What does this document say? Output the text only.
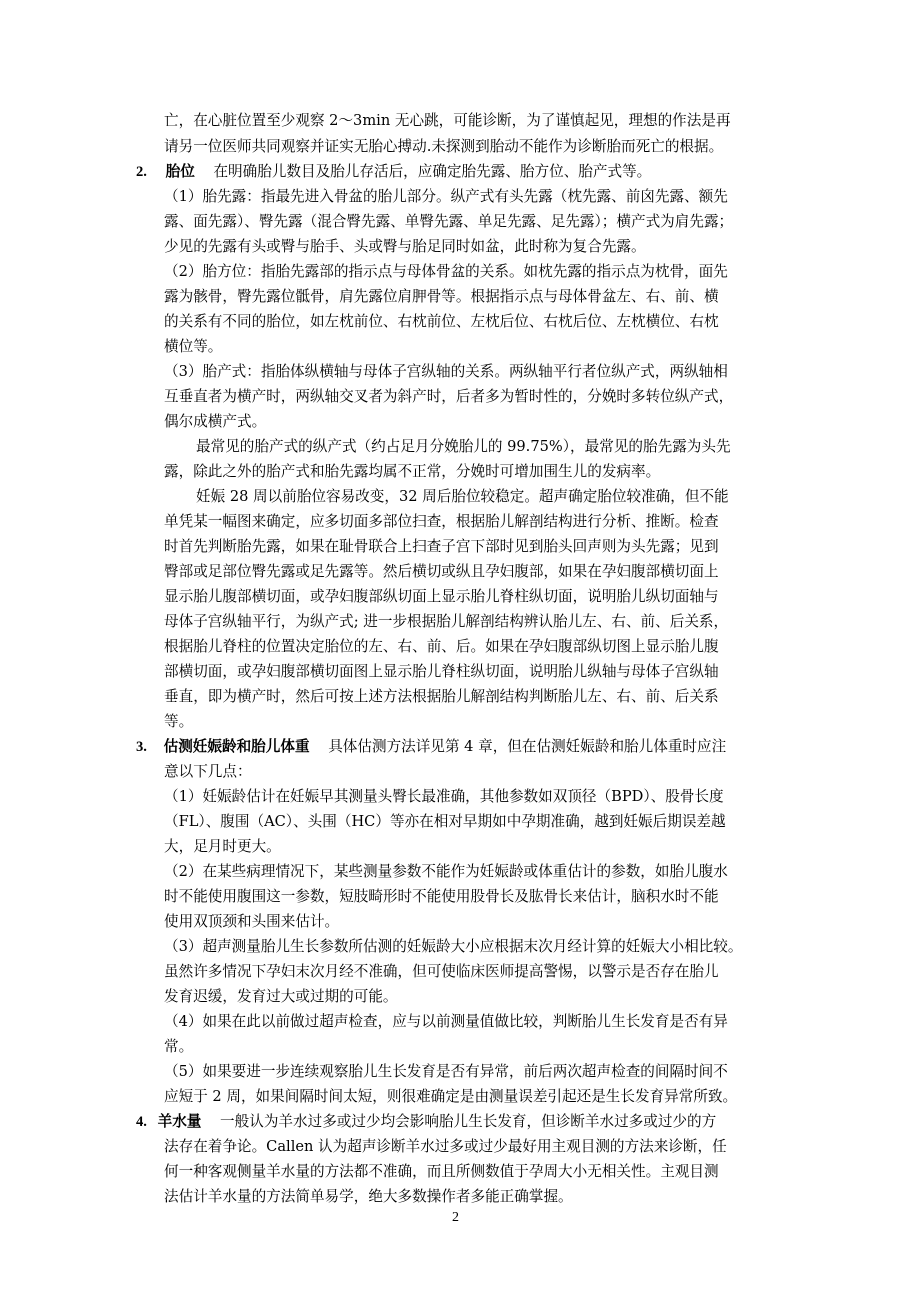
亡，在心脏位置至少观察 2～3min 无心跳，可能诊断，为了谨慎起见，理想的作法是再
请另一位医师共同观察并证实无胎心搏动.未探测到胎动不能作为诊断胎而死亡的根据。
2. 胎位 在明确胎儿数目及胎儿存活后，应确定胎先露、胎方位、胎产式等。
（1）胎先露：指最先进入骨盆的胎儿部分。纵产式有头先露（枕先露、前囟先露、额先
露、面先露）、臀先露（混合臀先露、单臀先露、单足先露、足先露）；横产式为肩先露；
少见的先露有头或臀与胎手、头或臀与胎足同时如盆，此时称为复合先露。
（2）胎方位：指胎先露部的指示点与母体骨盆的关系。如枕先露的指示点为枕骨，面先
露为骸骨，臀先露位骶骨，肩先露位肩胛骨等。根据指示点与母体骨盆左、右、前、横
的关系有不同的胎位，如左枕前位、右枕前位、左枕后位、右枕后位、左枕横位、右枕
横位等。
（3）胎产式：指胎体纵横轴与母体子宫纵轴的关系。两纵轴平行者位纵产式，两纵轴相
互垂直者为横产时，两纵轴交叉者为斜产时，后者多为暂时性的，分娩时多转位纵产式，
偶尔成横产式。
最常见的胎产式的纵产式（约占足月分娩胎儿的 99.75%），最常见的胎先露为头先
露，除此之外的胎产式和胎先露均属不正常，分娩时可增加围生儿的发病率。
妊娠 28 周以前胎位容易改变，32 周后胎位较稳定。超声确定胎位较准确，但不能
单凭某一幅图来确定，应多切面多部位扫查，根据胎儿解剖结构进行分析、推断。检查
时首先判断胎先露，如果在耻骨联合上扫查子宫下部时见到胎头回声则为头先露；见到
臀部或足部位臀先露或足先露等。然后横切或纵且孕妇腹部，如果在孕妇腹部横切面上
显示胎儿腹部横切面，或孕妇腹部纵切面上显示胎儿脊柱纵切面，说明胎儿纵切面轴与
母体子宫纵轴平行，为纵产式; 进一步根据胎儿解剖结构辨认胎儿左、右、前、后关系，
根据胎儿脊柱的位置决定胎位的左、右、前、后。如果在孕妇腹部纵切图上显示胎儿腹
部横切面，或孕妇腹部横切面图上显示胎儿脊柱纵切面，说明胎儿纵轴与母体子宫纵轴
垂直，即为横产时，然后可按上述方法根据胎儿解剖结构判断胎儿左、右、前、后关系
等。
3. 估测妊娠龄和胎儿体重 具体估测方法详见第 4 章，但在估测妊娠龄和胎儿体重时应注
意以下几点：
（1）妊娠龄估计在妊娠早其测量头臀长最准确，其他参数如双顶径（BPD）、股骨长度
（FL）、腹围（AC）、头围（HC）等亦在相对早期如中孕期准确，越到妊娠后期误差越
大，足月时更大。
（2）在某些病理情况下，某些测量参数不能作为妊娠龄或体重估计的参数，如胎儿腹水
时不能使用腹围这一参数，短肢畸形时不能使用股骨长及肱骨长来估计，脑积水时不能
使用双顶颈和头围来估计。
（3）超声测量胎儿生长参数所估测的妊娠龄大小应根据末次月经计算的妊娠大小相比较。
虽然许多情况下孕妇末次月经不准确，但可使临床医师提高警惕，以警示是否存在胎儿
发育迟缓，发育过大或过期的可能。
（4）如果在此以前做过超声检查，应与以前测量值做比较，判断胎儿生长发育是否有异
常。
（5）如果要进一步连续观察胎儿生长发育是否有异常，前后两次超声检查的间隔时间不
应短于 2 周，如果间隔时间太短，则很难确定是由测量误差引起还是生长发育异常所致。
4. 羊水量 一般认为羊水过多或过少均会影响胎儿生长发育，但诊断羊水过多或过少的方
法存在着争论。Callen 认为超声诊断羊水过多或过少最好用主观目测的方法来诊断，任
何一种客观侧量羊水量的方法都不准确，而且所侧数值于孕周大小无相关性。主观目测
法估计羊水量的方法简单易学，绝大多数操作者多能正确掌握。
2
